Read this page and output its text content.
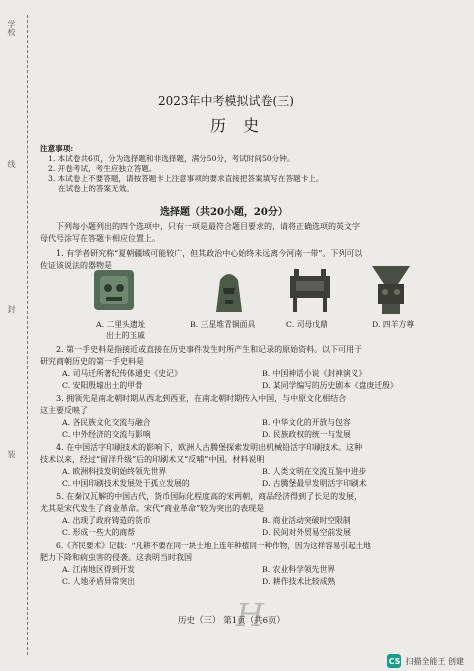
学校
线
封
装
2023年中考模拟试卷(三)
历 史
注意事项:
1. 本试卷共6页，分为选择题和非选择题，满分50分，考试时间50分钟。
2. 开卷考试，考生应独立答题。
3. 本试卷上不要答题，请按答题卡上注意事项的要求直接把答案填写在答题卡上。
在试卷上的答案无效。
选择题（共20小题，20分）
下列每小题列出的四个选项中，只有一项是最符合题目要求的，请将正确选项的英文字
母代号涂写在答题卡相应位置上。
1. 有学者研究称“夏朝疆域可能较广，但其政治中心始终未远离今河南一带”。下列可以
佐证该说法的器物是
A. 二里头遗址
出土的玉戚
B. 三星堆青铜面具	C. 司母戊鼎	D. 四羊方尊
2. 第一手史料是指接近或直接在历史事件发生时所产生和记录的原始资料。以下可用于
研究商朝历史的第一手史料是
A. 司马迁所著纪传体通史《史记》	B. 中国神话小说《封神演义》
C. 安阳殷墟出土的甲骨	D. 某同学编写的历史剧本《盘庚迁殷》
3. 拥领先是南北朝时期从西北到西亚，在南北朝时期传入中国，与中原文化相结合
这主要反映了
A. 各民族文化交流与融合	B. 中华文化的开放与包容
C. 中外经济的交流与影响	D. 民族政权的统一与发展
4. 在中国活字印刷技术的影响下，欧洲人古腾堡探索发明出机械铅活字印刷技术。这种
技术以来，经过“留洋升级”后的印刷术又“反哺”中国。材料说明
A. 欧洲科技发明始终领先世界	B. 人类文明在交流互鉴中进步
C. 中国印刷技术发展处于孤立发展的	D. 古腾堡最早发明活字印刷术
5. 在秦汉瓦解的中国古代，货币国际化程度高的宋两朝，商品经济得到了长足的发展，
尤其是宋代发生了商业革命。宋代“商业革命”较为突出的表现是
A. 出现了政府铸造的货币	B. 商业活动突破时空限制
C. 形成一些大的商帮	D. 民间对外贸易空前发展
6.《齐民要术》记载：“凡耕不要在同一块土地上连年种植同一种作物，因为这样容易引起土地
肥力下降和病虫害的侵袭。这表明当时我国
A. 江南地区得到开发	B. 农业科学领先世界
C. 人地矛盾异常突出	D. 耕作技术比较成熟
H
历史（三） 第1页（共6页）
CS 扫描全能王 创建
